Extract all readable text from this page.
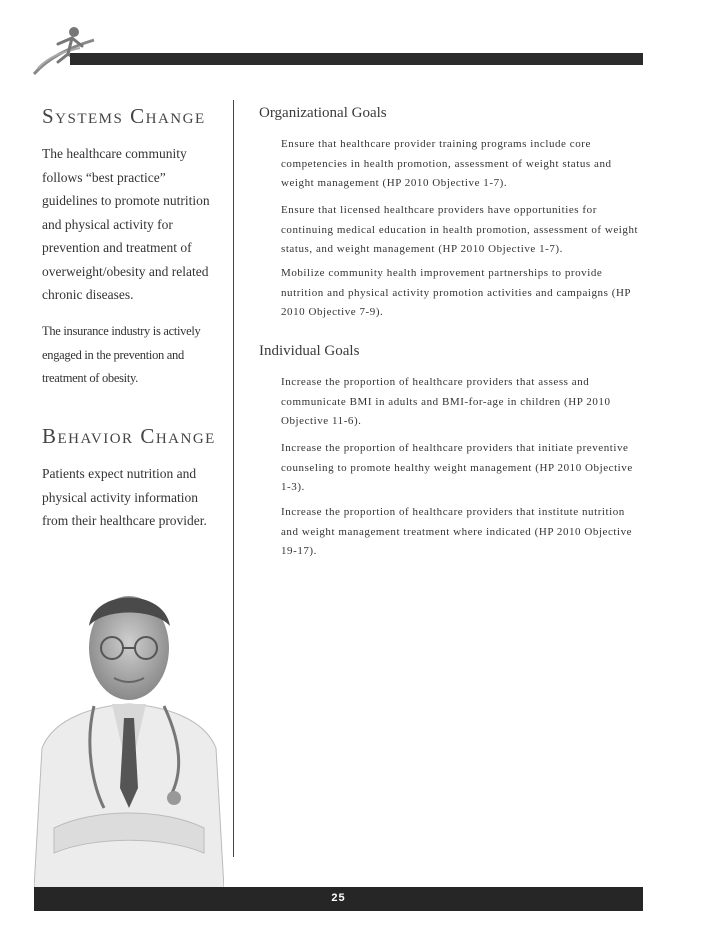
Systems Change
The healthcare community follows “best practice” guidelines to promote nutrition and physical activity for prevention and treatment of overweight/obesity and related chronic diseases.
The insurance industry is actively engaged in the prevention and treatment of obesity.
Behavior Change
Patients expect nutrition and physical activity information from their healthcare provider.
Organizational Goals
Ensure that healthcare provider training programs include core competencies in health promotion, assessment of weight status and weight management (HP 2010 Objective 1-7).
Ensure that licensed healthcare providers have opportunities for continuing medical education in health promotion, assessment of weight status, and weight management (HP 2010 Objective 1-7).
Mobilize community health improvement partnerships to provide nutrition and physical activity promotion activities and campaigns (HP 2010 Objective 7-9).
Individual Goals
Increase the proportion of healthcare providers that assess and communicate BMI in adults and BMI-for-age in children (HP 2010 Objective 11-6).
Increase the proportion of healthcare providers that initiate preventive counseling to promote healthy weight management (HP 2010 Objective 1-3).
Increase the proportion of healthcare providers that institute nutrition and weight management treatment where indicated (HP 2010 Objective 19-17).
25
